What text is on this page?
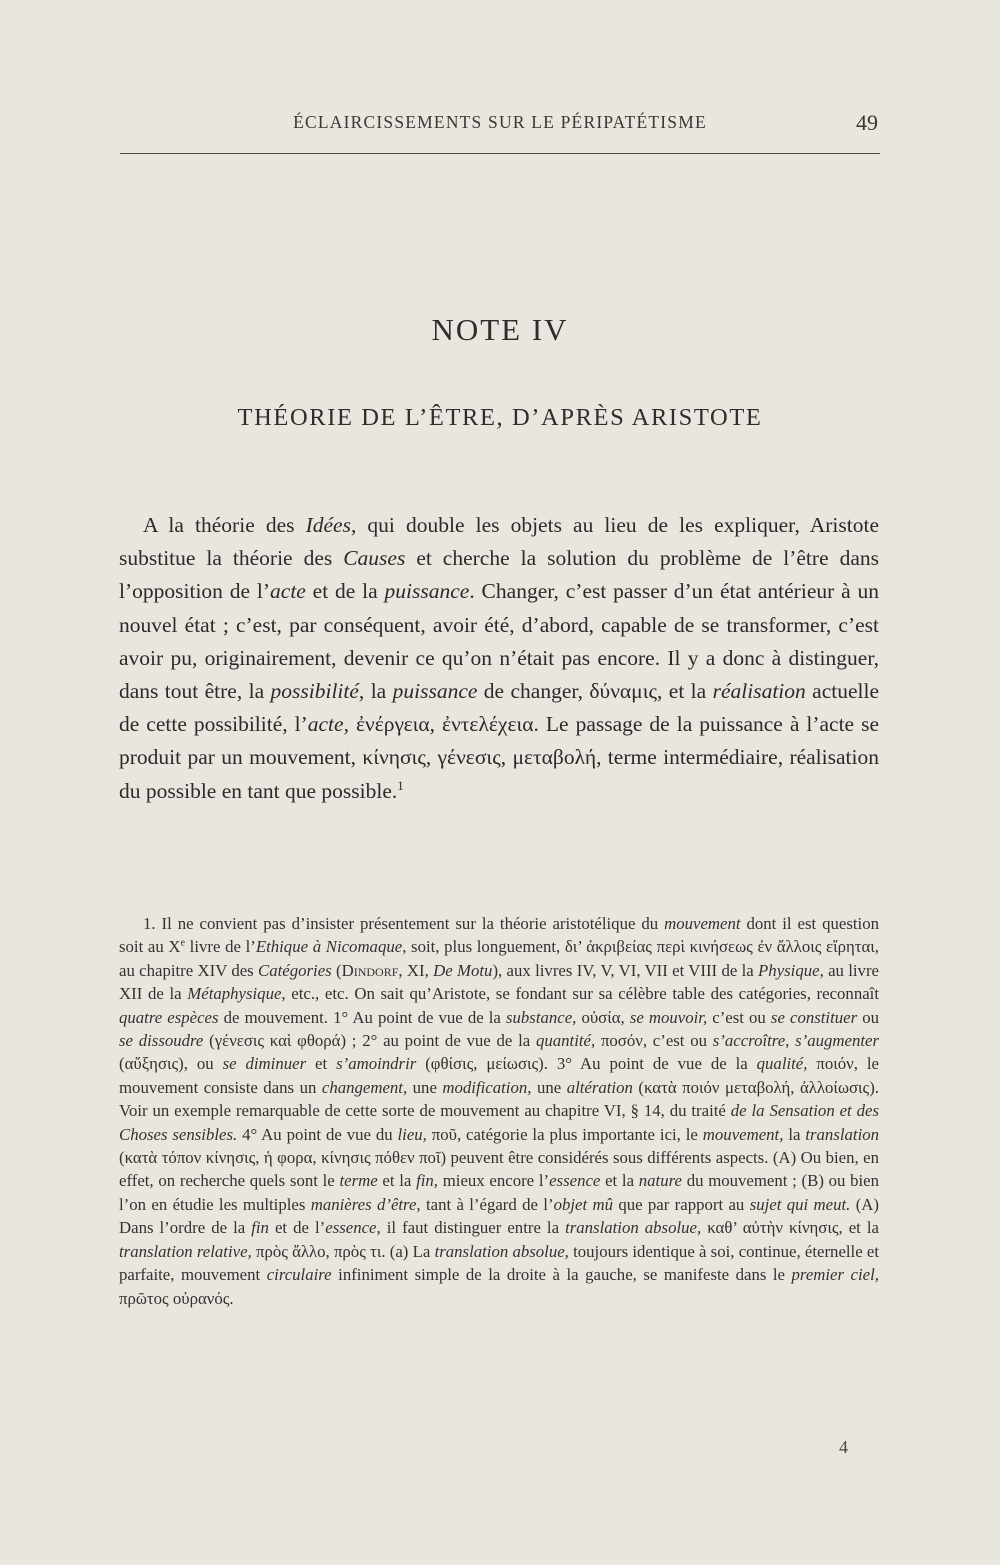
ÉCLAIRCISSEMENTS SUR LE PÉRIPATÉTISME	49
NOTE IV
THÉORIE DE L’ÊTRE, D’APRÈS ARISTOTE
A la théorie des Idées, qui double les objets au lieu de les expliquer, Aristote substitue la théorie des Causes et cherche la solution du problème de l’être dans l’opposition de l’acte et de la puissance. Changer, c’est passer d’un état antérieur à un nouvel état ; c’est, par conséquent, avoir été, d’abord, capable de se transformer, c’est avoir pu, originairement, devenir ce qu’on n’était pas encore. Il y a donc à distinguer, dans tout être, la possibilité, la puissance de changer, δύναμις, et la réalisation actuelle de cette possibilité, l’acte, ἐνέργεια, ἐντελέχεια. Le passage de la puissance à l’acte se produit par un mouvement, κίνησις, γένεσις, μεταβολή, terme intermédiaire, réalisation du possible en tant que possible.$^1$
1. Il ne convient pas d’insister présentement sur la théorie aristotélique du mouvement dont il est question soit au Xe livre de l’Ethique à Nicomaque, soit, plus longuement, δι’ ἀκριβείας περὶ κινήσεως ἐν ἄλλοις εἴρηται, au chapitre XIV des Catégories (Dindorf, XI, De Motu), aux livres IV, V, VI, VII et VIII de la Physique, au livre XII de la Métaphysique, etc., etc. On sait qu’Aristote, se fondant sur sa célèbre table des catégories, reconnaît quatre espèces de mouvement. 1° Au point de vue de la substance, οὐσία, se mouvoir, c’est ou se constituer ou se dissoudre (γένεσις καὶ φθορά) ; 2° au point de vue de la quantité, ποσόν, c’est ou s’accroître, s’augmenter (αὔξησις), ou se diminuer et s’amoindrir (φθίσις, μείωσις). 3° Au point de vue de la qualité, ποιόν, le mouvement consiste dans un changement, une modification, une altération (κατὰ ποιόν μεταβολή, ἀλλοίωσις). Voir un exemple remarquable de cette sorte de mouvement au chapitre VI, § 14, du traité de la Sensation et des Choses sensibles. 4° Au point de vue du lieu, ποῦ, catégorie la plus importante ici, le mouvement, la translation (κατὰ τόπον κίνησις, ἡ φορα, κίνησις πόθεν ποῖ) peuvent être considérés sous différents aspects. (A) Ou bien, en effet, on recherche quels sont le terme et la fin, mieux encore l’essence et la nature du mouvement ; (B) ou bien l’on en étudie les multiples manières d’être, tant à l’égard de l’objet mû que par rapport au sujet qui meut. (A) Dans l’ordre de la fin et de l’essence, il faut distinguer entre la translation absolue, καθ’ αὐτὴν κίνησις, et la translation relative, πρὸς ἄλλο, πρὸς τι. (a) La translation absolue, toujours identique à soi, continue, éternelle et parfaite, mouvement circulaire infiniment simple de la droite à la gauche, se manifeste dans le premier ciel, πρῶτος οὐρανός.
4
